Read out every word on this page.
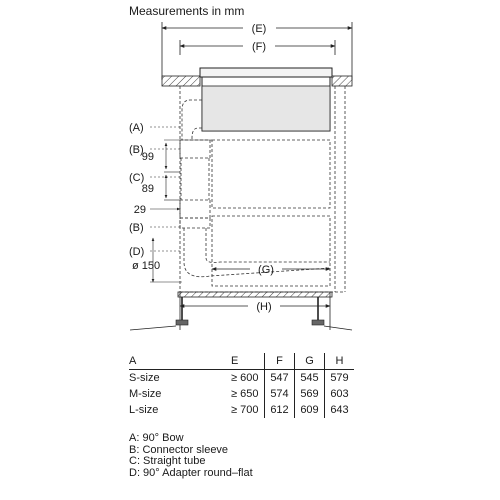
Measurements in mm
(E)
(F)
(G)
(H)
(A)
(B)
99
(C)
89
29
(B)
(D)
ø 150
A	E	F	G	H
S-size	≥ 600	547	545	579
M-size	≥ 650	574	569	603
L-size	≥ 700	612	609	643
A: 90° Bow
B: Connector sleeve
C: Straight tube
D: 90° Adapter round–flat
